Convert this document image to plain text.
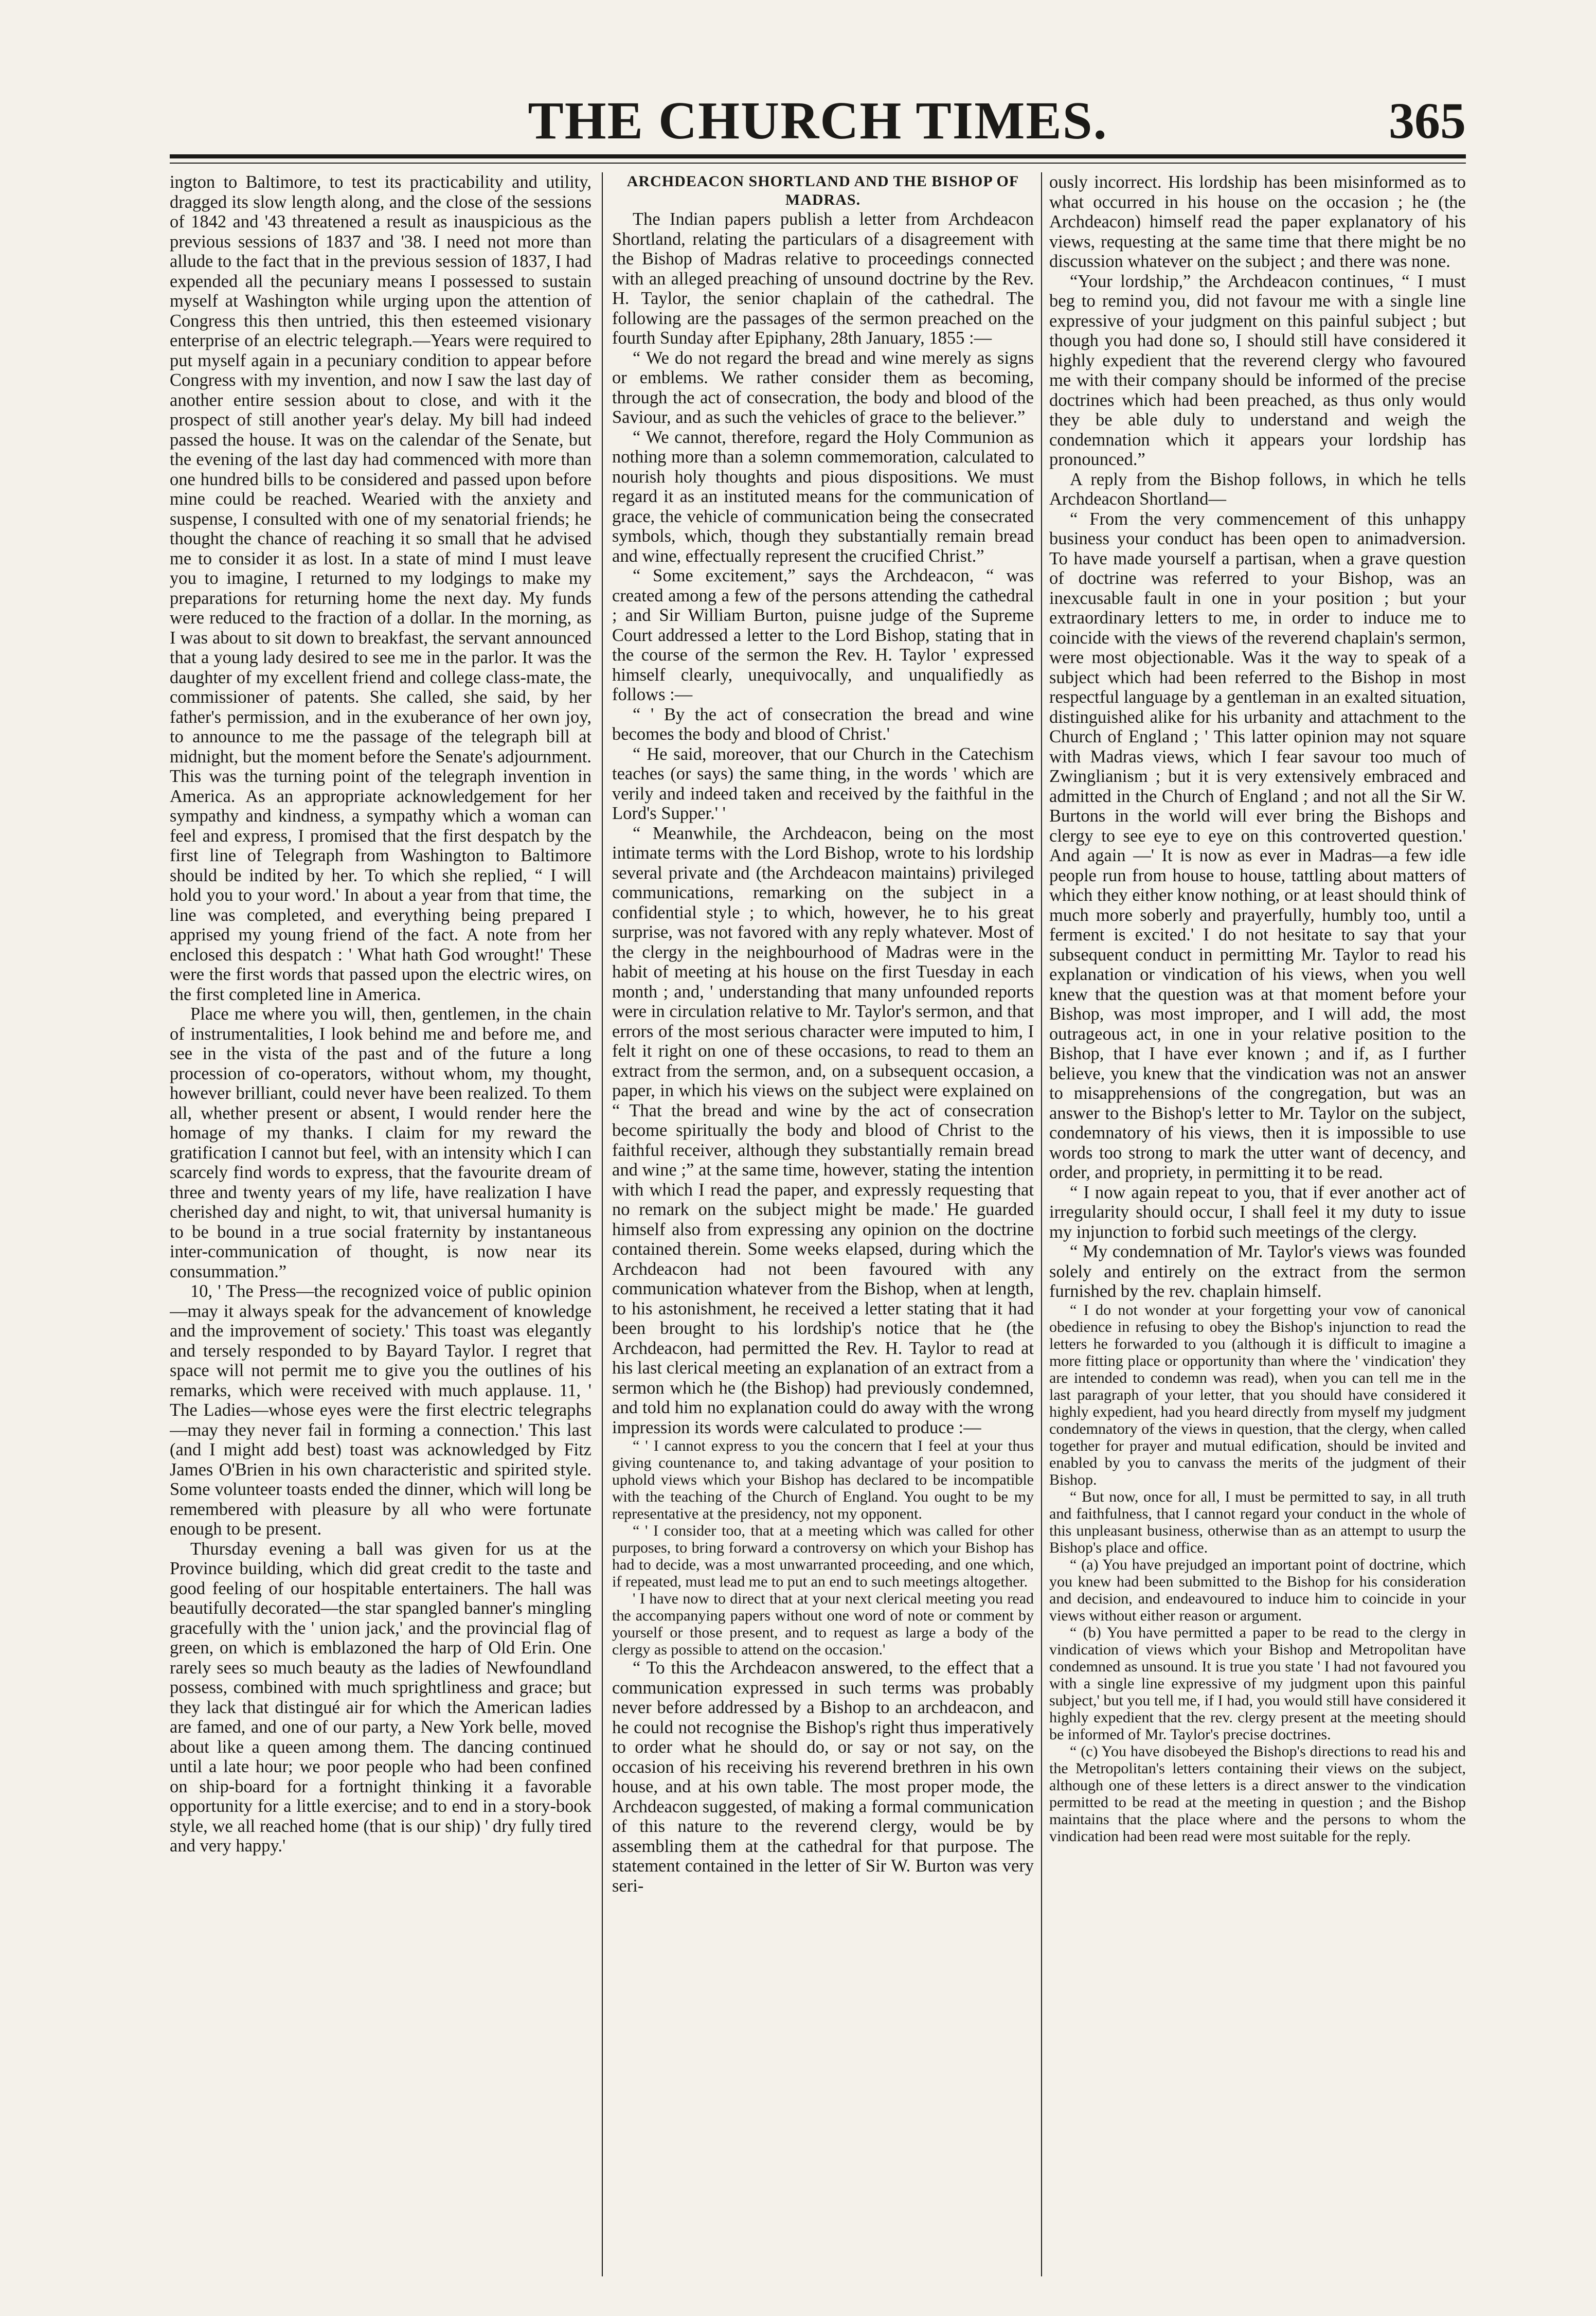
THE CHURCH TIMES.	365

ington to Baltimore, to test its practicability and utility, dragged its slow length along, and the close of the sessions of 1842 and '43 threatened a result as inauspicious as the previous sessions of 1837 and '38. I need not more than allude to the fact that in the previous session of 1837, I had expended all the pecuniary means I possessed to sustain myself at Washington while urging upon the attention of Congress this then untried, this then esteemed visionary enterprise of an electric telegraph.—Years were required to put myself again in a pecuniary condition to appear before Congress with my invention, and now I saw the last day of another entire session about to close, and with it the prospect of still another year's delay. My bill had indeed passed the house. It was on the calendar of the Senate, but the evening of the last day had commenced with more than one hundred bills to be considered and passed upon before mine could be reached. Wearied with the anxiety and suspense, I consulted with one of my senatorial friends; he thought the chance of reaching it so small that he advised me to consider it as lost. In a state of mind I must leave you to imagine, I returned to my lodgings to make my preparations for returning home the next day. My funds were reduced to the fraction of a dollar. In the morning, as I was about to sit down to breakfast, the servant announced that a young lady desired to see me in the parlor. It was the daughter of my excellent friend and college class-mate, the commissioner of patents. She called, she said, by her father's permission, and in the exuberance of her own joy, to announce to me the passage of the telegraph bill at midnight, but the moment before the Senate's adjournment. This was the turning point of the telegraph invention in America. As an appropriate acknowledgement for her sympathy and kindness, a sympathy which a woman can feel and express, I promised that the first despatch by the first line of Telegraph from Washington to Baltimore should be indited by her. To which she replied, “ I will hold you to your word.' In about a year from that time, the line was completed, and everything being prepared I apprised my young friend of the fact. A note from her enclosed this despatch : ' What hath God wrought!' These were the first words that passed upon the electric wires, on the first completed line in America.

Place me where you will, then, gentlemen, in the chain of instrumentalities, I look behind me and before me, and see in the vista of the past and of the future a long procession of co-operators, without whom, my thought, however brilliant, could never have been realized. To them all, whether present or absent, I would render here the homage of my thanks. I claim for my reward the gratification I cannot but feel, with an intensity which I can scarcely find words to express, that the favourite dream of three and twenty years of my life, have realization I have cherished day and night, to wit, that universal humanity is to be bound in a true social fraternity by instantaneous inter-communication of thought, is now near its consummation.”

10, ' The Press—the recognized voice of public opinion—may it always speak for the advancement of knowledge and the improvement of society.' This toast was elegantly and tersely responded to by Bayard Taylor. I regret that space will not permit me to give you the outlines of his remarks, which were received with much applause. 11, ' The Ladies—whose eyes were the first electric telegraphs—may they never fail in forming a connection.' This last (and I might add best) toast was acknowledged by Fitz James O'Brien in his own characteristic and spirited style. Some volunteer toasts ended the dinner, which will long be remembered with pleasure by all who were fortunate enough to be present.

Thursday evening a ball was given for us at the Province building, which did great credit to the taste and good feeling of our hospitable entertainers. The hall was beautifully decorated—the star spangled banner's mingling gracefully with the ' union jack,' and the provincial flag of green, on which is emblazoned the harp of Old Erin. One rarely sees so much beauty as the ladies of Newfoundland possess, combined with much sprightliness and grace; but they lack that distingué air for which the American ladies are famed, and one of our party, a New York belle, moved about like a queen among them. The dancing continued until a late hour; we poor people who had been confined on ship-board for a fortnight thinking it a favorable opportunity for a little exercise; and to end in a story-book style, we all reached home (that is our ship) ' dry fully tired and very happy.'

ARCHDEACON SHORTLAND AND THE BISHOP OF MADRAS.

The Indian papers publish a letter from Archdeacon Shortland, relating the particulars of a disagreement with the Bishop of Madras relative to proceedings connected with an alleged preaching of unsound doctrine by the Rev. H. Taylor, the senior chaplain of the cathedral. The following are the passages of the sermon preached on the fourth Sunday after Epiphany, 28th January, 1855 :—

“ We do not regard the bread and wine merely as signs or emblems. We rather consider them as becoming, through the act of consecration, the body and blood of the Saviour, and as such the vehicles of grace to the believer.”

“ We cannot, therefore, regard the Holy Communion as nothing more than a solemn commemoration, calculated to nourish holy thoughts and pious dispositions. We must regard it as an instituted means for the communication of grace, the vehicle of communication being the consecrated symbols, which, though they substantially remain bread and wine, effectually represent the crucified Christ.”

“ Some excitement,” says the Archdeacon, “ was created among a few of the persons attending the cathedral ; and Sir William Burton, puisne judge of the Supreme Court addressed a letter to the Lord Bishop, stating that in the course of the sermon the Rev. H. Taylor ' expressed himself clearly, unequivocally, and unqualifiedly as follows :—

“ ' By the act of consecration the bread and wine becomes the body and blood of Christ.'

“ He said, moreover, that our Church in the Catechism teaches (or says) the same thing, in the words ' which are verily and indeed taken and received by the faithful in the Lord's Supper.' '

“ Meanwhile, the Archdeacon, being on the most intimate terms with the Lord Bishop, wrote to his lordship several private and (the Archdeacon maintains) privileged communications, remarking on the subject in a confidential style ; to which, however, he to his great surprise, was not favored with any reply whatever. Most of the clergy in the neighbourhood of Madras were in the habit of meeting at his house on the first Tuesday in each month ; and, ' understanding that many unfounded reports were in circulation relative to Mr. Taylor's sermon, and that errors of the most serious character were imputed to him, I felt it right on one of these occasions, to read to them an extract from the sermon, and, on a subsequent occasion, a paper, in which his views on the subject were explained on “ That the bread and wine by the act of consecration become spiritually the body and blood of Christ to the faithful receiver, although they substantially remain bread and wine ;” at the same time, however, stating the intention with which I read the paper, and expressly requesting that no remark on the subject might be made.' He guarded himself also from expressing any opinion on the doctrine contained therein. Some weeks elapsed, during which the Archdeacon had not been favoured with any communication whatever from the Bishop, when at length, to his astonishment, he received a letter stating that it had been brought to his lordship's notice that he (the Archdeacon, had permitted the Rev. H. Taylor to read at his last clerical meeting an explanation of an extract from a sermon which he (the Bishop) had previously condemned, and told him no explanation could do away with the wrong impression its words were calculated to produce :—

“ ' I cannot express to you the concern that I feel at your thus giving countenance to, and taking advantage of your position to uphold views which your Bishop has declared to be incompatible with the teaching of the Church of England. You ought to be my representative at the presidency, not my opponent.

“ ' I consider too, that at a meeting which was called for other purposes, to bring forward a controversy on which your Bishop has had to decide, was a most unwarranted proceeding, and one which, if repeated, must lead me to put an end to such meetings altogether.

' I have now to direct that at your next clerical meeting you read the accompanying papers without one word of note or comment by yourself or those present, and to request as large a body of the clergy as possible to attend on the occasion.'

“ To this the Archdeacon answered, to the effect that a communication expressed in such terms was probably never before addressed by a Bishop to an archdeacon, and he could not recognise the Bishop's right thus imperatively to order what he should do, or say or not say, on the occasion of his receiving his reverend brethren in his own house, and at his own table. The most proper mode, the Archdeacon suggested, of making a formal communication of this nature to the reverend clergy, would be by assembling them at the cathedral for that purpose. The statement contained in the letter of Sir W. Burton was very seri-

ously incorrect. His lordship has been misinformed as to what occurred in his house on the occasion ; he (the Archdeacon) himself read the paper explanatory of his views, requesting at the same time that there might be no discussion whatever on the subject ; and there was none.

“Your lordship,” the Archdeacon continues, “ I must beg to remind you, did not favour me with a single line expressive of your judgment on this painful subject ; but though you had done so, I should still have considered it highly expedient that the reverend clergy who favoured me with their company should be informed of the precise doctrines which had been preached, as thus only would they be able duly to understand and weigh the condemnation which it appears your lordship has pronounced.”

A reply from the Bishop follows, in which he tells Archdeacon Shortland—

“ From the very commencement of this unhappy business your conduct has been open to animadversion. To have made yourself a partisan, when a grave question of doctrine was referred to your Bishop, was an inexcusable fault in one in your position ; but your extraordinary letters to me, in order to induce me to coincide with the views of the reverend chaplain's sermon, were most objectionable. Was it the way to speak of a subject which had been referred to the Bishop in most respectful language by a gentleman in an exalted situation, distinguished alike for his urbanity and attachment to the Church of England ; ' This latter opinion may not square with Madras views, which I fear savour too much of Zwinglianism ; but it is very extensively embraced and admitted in the Church of England ; and not all the Sir W. Burtons in the world will ever bring the Bishops and clergy to see eye to eye on this controverted question.' And again —' It is now as ever in Madras—a few idle people run from house to house, tattling about matters of which they either know nothing, or at least should think of much more soberly and prayerfully, humbly too, until a ferment is excited.' I do not hesitate to say that your subsequent conduct in permitting Mr. Taylor to read his explanation or vindication of his views, when you well knew that the question was at that moment before your Bishop, was most improper, and I will add, the most outrageous act, in one in your relative position to the Bishop, that I have ever known ; and if, as I further believe, you knew that the vindication was not an answer to misapprehensions of the congregation, but was an answer to the Bishop's letter to Mr. Taylor on the subject, condemnatory of his views, then it is impossible to use words too strong to mark the utter want of decency, and order, and propriety, in permitting it to be read.

“ I now again repeat to you, that if ever another act of irregularity should occur, I shall feel it my duty to issue my injunction to forbid such meetings of the clergy.

“ My condemnation of Mr. Taylor's views was founded solely and entirely on the extract from the sermon furnished by the rev. chaplain himself.

“ I do not wonder at your forgetting your vow of canonical obedience in refusing to obey the Bishop's injunction to read the letters he forwarded to you (although it is difficult to imagine a more fitting place or opportunity than where the ' vindication' they are intended to condemn was read), when you can tell me in the last paragraph of your letter, that you should have considered it highly expedient, had you heard directly from myself my judgment condemnatory of the views in question, that the clergy, when called together for prayer and mutual edification, should be invited and enabled by you to canvass the merits of the judgment of their Bishop.

“ But now, once for all, I must be permitted to say, in all truth and faithfulness, that I cannot regard your conduct in the whole of this unpleasant business, otherwise than as an attempt to usurp the Bishop's place and office.

“ (a) You have prejudged an important point of doctrine, which you knew had been submitted to the Bishop for his consideration and decision, and endeavoured to induce him to coincide in your views without either reason or argument.

“ (b) You have permitted a paper to be read to the clergy in vindication of views which your Bishop and Metropolitan have condemned as unsound. It is true you state ' I had not favoured you with a single line expressive of my judgment upon this painful subject,' but you tell me, if I had, you would still have considered it highly expedient that the rev. clergy present at the meeting should be informed of Mr. Taylor's precise doctrines.

“ (c) You have disobeyed the Bishop's directions to read his and the Metropolitan's letters containing their views on the subject, although one of these letters is a direct answer to the vindication permitted to be read at the meeting in question ; and the Bishop maintains that the place where and the persons to whom the vindication had been read were most suitable for the reply.
